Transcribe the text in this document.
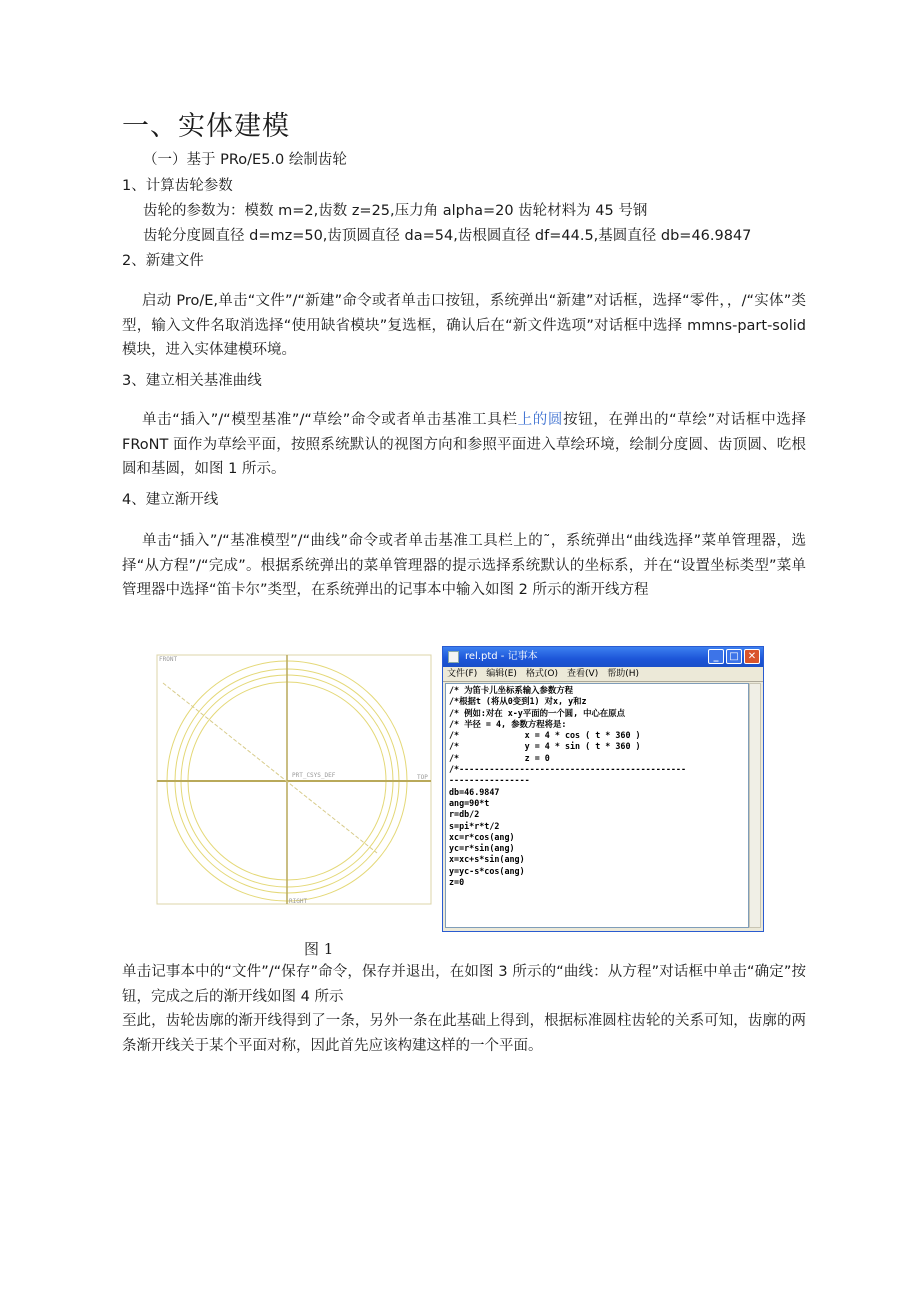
一、实体建模
（一）基于 PRo/E5.0 绘制齿轮
1、计算齿轮参数
齿轮的参数为：模数 m=2,齿数 z=25,压力角 alpha=20 齿轮材料为 45 号钢
齿轮分度圆直径 d=mz=50,齿顶圆直径 da=54,齿根圆直径 df=44.5,基圆直径 db=46.9847
2、新建文件
启动 Pro/E,单击“文件”/“新建”命令或者单击口按钮，系统弹出“新建”对话框，选择“零件，，/“实体”类型，输入文件名取消选择“使用缺省模块”复选框，确认后在“新文件选项”对话框中选择 mmns-part-solid 模块，进入实体建模环境。
3、建立相关基准曲线
单击“插入”/“模型基准”/“草绘”命令或者单击基准工具栏上的圆按钮，在弹出的“草绘”对话框中选择 FRoNT 面作为草绘平面，按照系统默认的视图方向和参照平面进入草绘环境，绘制分度圆、齿顶圆、吃根圆和基圆，如图 1 所示。
4、建立渐开线
单击“插入”/“基准模型”/“曲线”命令或者单击基准工具栏上的˜，系统弹出“曲线选择”菜单管理器，选择“从方程”/“完成”。根据系统弹出的菜单管理器的提示选择系统默认的坐标系，并在“设置坐标类型”菜单管理器中选择“笛卡尔”类型，在系统弹出的记事本中输入如图 2 所示的渐开线方程
FRONT
TOP
RIGHT
PRT_CSYS_DEF
rel.ptd - 记事本	_	□ ✕
文件(F) 编辑(E) 格式(O) 查看(V) 帮助(H)
/* 为笛卡儿坐标系输入参数方程
/*根据t (将从0变到1) 对x, y和z
/* 例如:对在 x-y平面的一个圆, 中心在原点
/* 半径 = 4, 参数方程将是:
/*             x = 4 * cos ( t * 360 )
/*             y = 4 * sin ( t * 360 )
/*             z = 0
/*---------------------------------------------
----------------
db=46.9847
ang=90*t
r=db/2
s=pi*r*t/2
xc=r*cos(ang)
yc=r*sin(ang)
x=xc+s*sin(ang)
y=yc-s*cos(ang)
z=0
图 1
单击记事本中的“文件”/“保存”命令，保存并退出，在如图 3 所示的“曲线：从方程”对话框中单击“确定”按钮，完成之后的渐开线如图 4 所示
至此，齿轮齿廓的渐开线得到了一条，另外一条在此基础上得到，根据标准圆柱齿轮的关系可知，齿廓的两条渐开线关于某个平面对称，因此首先应该构建这样的一个平面。
